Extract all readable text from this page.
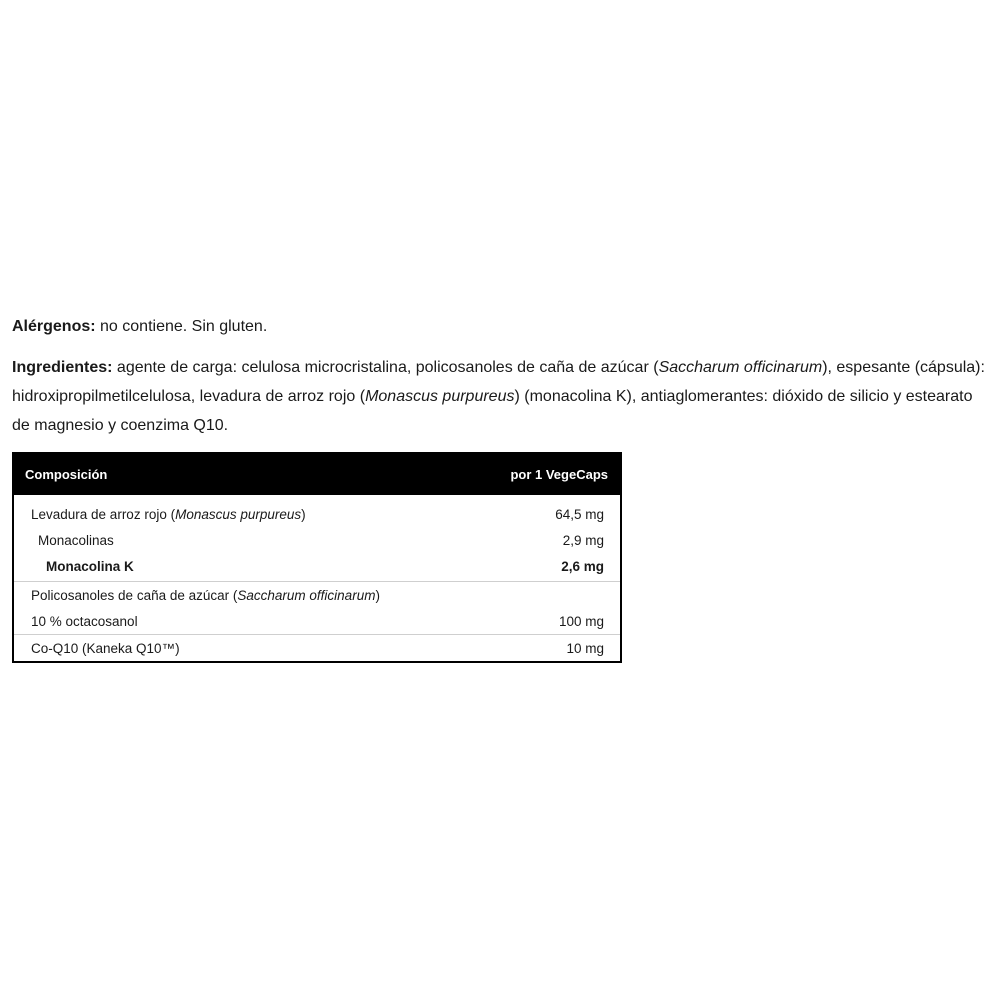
Alérgenos: no contiene. Sin gluten.

Ingredientes: agente de carga: celulosa microcristalina, policosanoles de caña de azúcar (Saccharum officinarum), espesante (cápsula): hidroxipropilmetilcelulosa, levadura de arroz rojo (Monascus purpureus) (monacolina K), antiaglomerantes: dióxido de silicio y estearato de magnesio y coenzima Q10.

Composición	por 1 VegeCaps
Levadura de arroz rojo (Monascus purpureus)	64,5 mg
Monacolinas	2,9 mg
Monacolina K	2,6 mg
Policosanoles de caña de azúcar (Saccharum officinarum)
10 % octacosanol	100 mg
Co-Q10 (Kaneka Q10™)	10 mg
